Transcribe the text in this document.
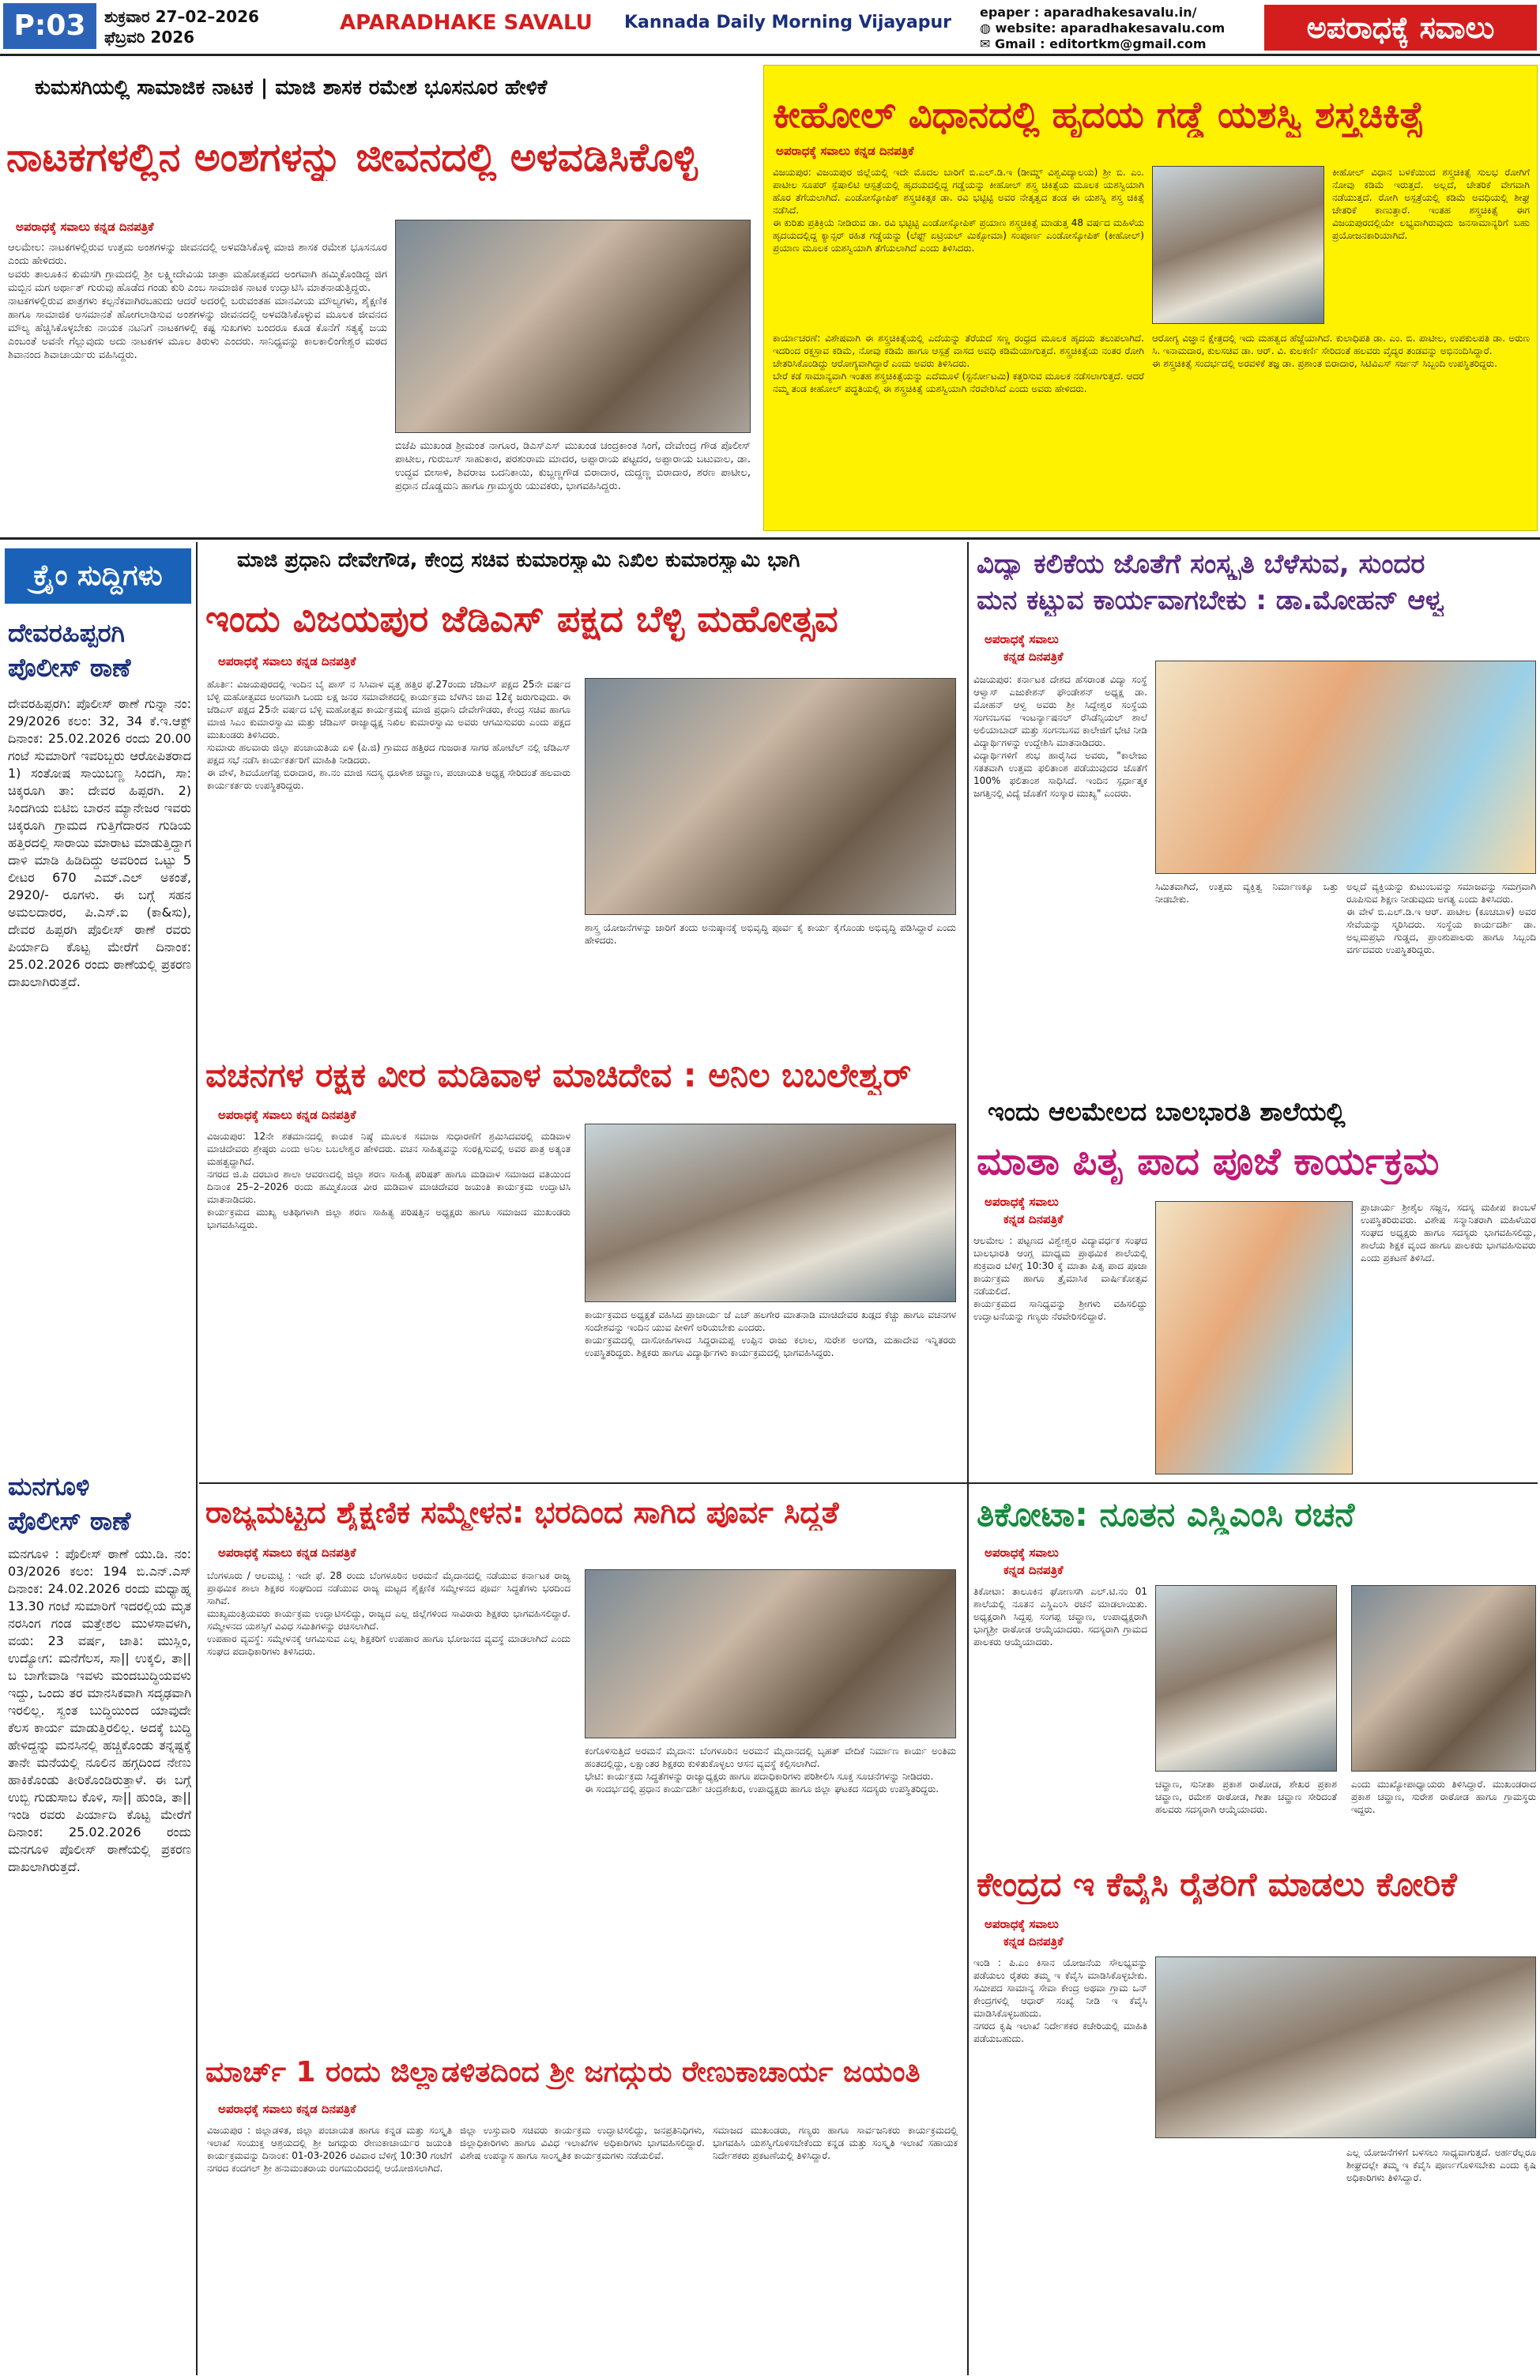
P:03	ಶುಕ್ರವಾರ 27–02–2026
ಫೆಬ್ರವರಿ 2026
APARADHAKE SAVALU Kannada Daily Morning Vijayapur
epaper : aparadhakesavalu.in/
◍ website: aparadhakesavalu.com
✉ Gmail : editortkm@gmail.com	ಅಪರಾಧಕ್ಕೆ ಸವಾಲು
ಕುಮಸಗಿಯಲ್ಲಿ ಸಾಮಾಜಿಕ ನಾಟಕ | ಮಾಜಿ ಶಾಸಕ ರಮೇಶ ಭೂಸನೂರ ಹೇಳಿಕೆ
ನಾಟಕಗಳಲ್ಲಿನ ಅಂಶಗಳನ್ನು ಜೀವನದಲ್ಲಿ ಅಳವಡಿಸಿಕೊಳ್ಳಿ
ಅಪರಾಧಕ್ಕೆ ಸವಾಲು ಕನ್ನಡ ದಿನಪತ್ರಿಕೆ
ಆಲಮೇಲ: ನಾಟಕಗಳಲ್ಲಿರುವ ಉತ್ತಮ ಅಂಶಗಳನ್ನು ಜೀವನದಲ್ಲಿ ಅಳವಡಿಸಿಕೊಳ್ಳಿ ಮಾಜಿ ಶಾಸಕ ರಮೇಶ ಭೂಸನೂರ ಎಂದು ಹೇಳಿದರು.
ಅವರು ತಾಲೂಕಿನ ಕುಮಸಗಿ ಗ್ರಾಮದಲ್ಲಿ ಶ್ರೀ ಲಕ್ಷ್ಮೀದೇವಿಯ ಜಾತ್ರಾ ಮಹೋತ್ಸವದ ಅಂಗವಾಗಿ ಹಮ್ಮಿಕೊಂಡಿದ್ದ ಜಿಗ ಮಬ್ಬಿನ ಮಗ ಅರ್ಥಾತ್ ಗುರುವು ಹೊಡೆದ ಗಂಡು ಕುರಿ ಎಂಬ ಸಾಮಾಜಿಕ ನಾಟಕ ಉದ್ಘಾಟಿಸಿ ಮಾತನಾಡುತ್ತಿದ್ದರು.
ನಾಟಕಗಳಲ್ಲಿರುವ ಪಾತ್ರಗಳು ಕಲ್ಪನೆಕವಾಗಿರಬಹುದು ಆದರೆ ಅದರಲ್ಲಿ ಬರುವಂತಹ ಮಾನವೀಯ ಮೌಲ್ಯಗಳು, ಶೈಕ್ಷಣಿಕ ಹಾಗೂ ಸಾಮಾಜಿಕ ಅಸಮಾನತೆ ಹೋಗಲಾಡಿಸುವ ಅಂಶಗಳನ್ನು ಜೀವನದಲ್ಲಿ ಅಳವಡಿಸಿಕೊಳ್ಳುವ ಮೂಲಕ ಜೀವನದ ಮೌಲ್ಯ ಹೆಚ್ಚಿಸಿಕೊಳ್ಳಬೇಕು ನಾಯಕ ನಟನಿಗೆ ನಾಟಕಗಳಲ್ಲಿ ಕಷ್ಟ ಸುಖಗಳು ಬಂದರೂ ಕೂಡ ಕೊನೆಗೆ ಸತ್ಯಕ್ಕೆ ಜಯ ಎಂಬಂತೆ ಅವನೇ ಗೆಲ್ಲುವುದು ಅದು ನಾಟಕಗಳ ಮೂಲ ತಿರುಳು ಎಂದರು. ಸಾನಿಧ್ಯವನ್ನು ಕಾಲಕಾಲಿಂಗೇಶ್ವರ ಮಠದ ಶಿವಾನಂದ ಶಿವಾಚಾರ್ಯರು ವಹಿಸಿದ್ದರು.
ಬಿಜೆಪಿ ಮುಖಂಡ ಶ್ರೀಮಂತ ನಾಗೂರ, ಡಿಎಸ್ಎಸ್ ಮುಖಂಡ ಚಂದ್ರಕಾಂತ ಸಿಂಗೆ, ದೇವೇಂದ್ರ ಗೌಡ ಪೊಲೀಸ್ ಪಾಟೀಲ, ಗುರುಬಸ್ ಸಾಹುಕಾರ, ಪರಶುರಾಮ ಮಾದರ, ಅಪ್ಪಾರಾಯ ಪಟ್ಟದರ, ಅಪ್ಪಾರಾಯ ಬಟುವಾಲ, ಡಾ. ಉದ್ಧವ ಬೀಸಾಳಿ, ಶಿವರಾಜ ಬದನಿಕಾಯಿ, ಕುಬ್ಜಣ್ಣಗೌಡ ಬಿರಾದಾರ, ದುದ್ದಣ್ಣ ಬಿರಾದಾರ, ಶರಣ ಪಾಟೀಲ, ಪ್ರಧಾನ ದೊಡ್ಡಮನಿ ಹಾಗೂ ಗ್ರಾಮಸ್ಥರು ಯುವಕರು, ಭಾಗವಹಿಸಿದ್ದರು.
ಕೀಹೋಲ್ ವಿಧಾನದಲ್ಲಿ ಹೃದಯ ಗಡ್ಡೆ ಯಶಸ್ವಿ ಶಸ್ತ್ರಚಿಕಿತ್ಸೆ
ಅಪರಾಧಕ್ಕೆ ಸವಾಲು ಕನ್ನಡ ದಿನಪತ್ರಿಕೆ
ವಿಜಯಪುರ: ವಿಜಯಪುರ ಜಿಲ್ಲೆಯಲ್ಲಿ ಇದೇ ಮೊದಲ ಬಾರಿಗೆ ಬಿ.ಎಲ್.ಡಿ.ಇ (ಡೀಮ್ಡ್ ವಿಶ್ವವಿದ್ಯಾಲಯ) ಶ್ರೀ ಬಿ. ಎಂ. ಪಾಟೀಲ ಸೂಪರ್ ಸ್ಪೆಷಾಲಿಟಿ ಆಸ್ಪತ್ರೆಯಲ್ಲಿ ಹೃದಯದಲ್ಲಿದ್ದ ಗಡ್ಡೆಯನ್ನು ಕೀಹೋಲ್ ಶಸ್ತ್ರ ಚಿಕಿತ್ಸೆಯ ಮೂಲಕ ಯಶಸ್ವಿಯಾಗಿ ಹೊರ ತೆಗೆಯಲಾಗಿದೆ. ಎಂಡೋಸ್ಕೋಪಿಕ್ ಶಸ್ತ್ರಚಿಕಿತ್ಸಕ ಡಾ. ರವಿ ಭಟ್ಟಿಟ್ಟಿ ಅವರ ನೇತೃತ್ವದ ತಂಡ ಈ ಯಶಸ್ವಿ ಶಸ್ತ್ರ ಚಿಕಿತ್ಸೆ ನಡೆಸಿದೆ.
ಈ ಕುರಿತು ಪ್ರತಿಕ್ರಿಯೆ ನೀಡಿರುವ ಡಾ. ರವಿ ಭಟ್ಟಿಟ್ಟಿ ಎಂಡೋಸ್ಕೋಪಿಕ್ ಪ್ರಯಾಣ ಶಸ್ತ್ರಚಿಕಿತ್ಸೆ ಮಾಡುತ್ತ 48 ವರ್ಷದ ಮಹಿಳೆಯ ಹೃದಯದಲ್ಲಿದ್ದ ಕ್ಯಾನ್ಸರ್ ರಹಿತ ಗಡ್ಡೆಯನ್ನು (ಲೆಫ್ಟ್ ಏಟ್ರಿಯಲ್ ಮಿಕ್ಸೋಮಾ) ಸಂಪೂರ್ಣ ಎಂಡೋಸ್ಕೋಪಿಕ್ (ಕೀಹೋಲ್) ಪ್ರಯಾಣ ಮೂಲಕ ಯಶಸ್ವಿಯಾಗಿ ತೆಗೆಯಲಾಗಿದೆ ಎಂದು ತಿಳಿಸಿದರು.
ಕೀಹೋಲ್ ವಿಧಾನ ಬಳಕೆಯಿಂದ ಶಸ್ತ್ರಚಿಕಿತ್ಸೆ ಸುಲಭ ರೋಗಿಗೆ ನೋವು ಕಡಿಮೆ ಇರುತ್ತದೆ. ಅಲ್ಲದೆ, ಚೇತರಿಕೆ ವೇಗವಾಗಿ ನಡೆಯುತ್ತದೆ. ರೋಗಿ ಅಸ್ಪತ್ರೆಯಲ್ಲಿ ಕಡಿಮೆ ಅವಧಿಯಲ್ಲಿ ಶೀಘ್ರ ಚೇತರಿಕೆ ಕಾಣುತ್ತಾರೆ. ಇಂತಹ ಶಸ್ತ್ರಚಿಕಿತ್ಸೆ ಈಗ ವಿಜಯಪುರದಲ್ಲಿಯೇ ಲಭ್ಯವಾಗಿರುವುದು ಜನಸಾಮಾನ್ಯರಿಗೆ ಬಹು ಪ್ರಯೋಜನಕಾರಿಯಾಗಿದೆ.
ಕಾರ್ಯಾಚರಣೆ: ವಿಶೇಷವಾಗಿ ಈ ಶಸ್ತ್ರಚಿಕಿತ್ಸೆಯಲ್ಲಿ ಎದೆಯನ್ನು ತೆರೆಯದೆ ಸಣ್ಣ ರಂಧ್ರದ ಮೂಲಕ ಹೃದಯ ತಲುಪಲಾಗಿದೆ. ಇದರಿಂದ ರಕ್ತಸ್ರಾವ ಕಡಿಮೆ, ನೋವು ಕಡಿಮೆ ಹಾಗೂ ಆಸ್ಪತ್ರೆ ವಾಸದ ಅವಧಿ ಕಡಿಮೆಯಾಗುತ್ತದೆ. ಶಸ್ತ್ರಚಿಕಿತ್ಸೆಯ ನಂತರ ರೋಗಿ ಚೇತರಿಸಿಕೊಂಡಿದ್ದು ಆರೋಗ್ಯವಾಗಿದ್ದಾರೆ ಎಂದು ಅವರು ತಿಳಿಸಿದರು.
ಬೇರೆ ಕಡೆ ಸಾಮಾನ್ಯವಾಗಿ ಇಂತಹ ಶಸ್ತ್ರಚಿಕಿತ್ಸೆಯನ್ನು ಎದೆಮೂಳೆ (ಸ್ಟರ್ನೋಟಮಿ) ಕತ್ತರಿಸುವ ಮೂಲಕ ನಡೆಸಲಾಗುತ್ತದೆ. ಆದರೆ ನಮ್ಮ ತಂಡ ಕೀಹೋಲ್ ಪದ್ಧತಿಯಲ್ಲಿ ಈ ಶಸ್ತ್ರಚಿಕಿತ್ಸೆ ಯಶಸ್ವಿಯಾಗಿ ನೆರವೇರಿಸಿದೆ ಎಂದು ಅವರು ಹೇಳಿದರು.
ಆರೋಗ್ಯ ವಿಜ್ಞಾನ ಕ್ಷೇತ್ರದಲ್ಲಿ ಇದು ಮಹತ್ವದ ಹೆಜ್ಜೆಯಾಗಿದೆ. ಕುಲಾಧಿಪತಿ ಡಾ. ಎಂ. ಬಿ. ಪಾಟೀಲ, ಉಪಕುಲಪತಿ ಡಾ. ಅರುಣ ಸಿ. ಇನಾಮದಾರ, ಕುಲಸಚಿವ ಡಾ. ಆರ್. ವಿ. ಕುಲಕರ್ಣಿ ಸೇರಿದಂತೆ ಹಲವರು ವೈದ್ಯರ ತಂಡವನ್ನು ಅಭಿನಂದಿಸಿದ್ದಾರೆ.
ಈ ಶಸ್ತ್ರಚಿಕಿತ್ಸೆ ಸಂದರ್ಭದಲ್ಲಿ ಅರವಳಿಕೆ ತಜ್ಞ ಡಾ. ಪ್ರಶಾಂತ ಬಿರಾದಾರ, ಸಿಟಿವಿಎಸ್ ಸರ್ಜನ್ ಸಿಬ್ಬಂದಿ ಉಪಸ್ಥಿತರಿದ್ದರು.
ಕ್ರೈಂ ಸುದ್ದಿಗಳು
ದೇವರಹಿಪ್ಪರಗಿ
ಪೊಲೀಸ್ ಠಾಣೆ
ದೇವರಹಿಪ್ಪರಗಿ: ಪೊಲೀಸ್ ಠಾಣೆ ಗುನ್ನಾ ನಂ: 29/2026 ಕಲಂ: 32, 34 ಕೆ.ಇ.ಆಕ್ಟ್ ದಿನಾಂಕ: 25.02.2026 ರಂದು 20.00 ಗಂಟೆ ಸುಮಾರಿಗೆ ಇವರಿಬ್ಬರು ಆರೋಪಿತರಾದ 1) ಸಂತೋಷ ಸಾಯಿಬಣ್ಣ ಸಿಂದಗಿ, ಸಾ: ಚಿಕ್ಕರೂಗಿ ತಾ: ದೇವರ ಹಿಪ್ಪರಗಿ. 2) ಸಿಂದಗಿಯ ಬಿಟಿಬಿ ಬಾರನ ಮ್ಯಾನೇಜರ ಇವರು ಚಿಕ್ಕರೂಗಿ ಗ್ರಾಮದ ಗುತ್ತಿಗೆದಾರನ ಗುಡಿಯ ಹತ್ತಿರದಲ್ಲಿ ಸಾರಾಯಿ ಮಾರಾಟ ಮಾಡುತ್ತಿದ್ದಾಗ ದಾಳಿ ಮಾಡಿ ಹಿಡಿದಿದ್ದು ಅವರಿಂದ ಒಟ್ಟು 5 ಲೀಟರ 670 ಎಮ್.ಎಲ್ ಅಕಂತೆ, 2920/- ರೂಗಳು. ಈ ಬಗ್ಗೆ ಸಹನ ಅಮಲದಾರರ, ಪಿ.ಎಸ್.ಐ (ಕಾ&ಸು), ದೇವರ ಹಿಪ್ಪರಗಿ ಪೊಲೀಸ್ ಠಾಣೆ ರವರು ಪಿರ್ಯಾದಿ ಕೊಟ್ಟ ಮೇರೆಗೆ ದಿನಾಂಕ: 25.02.2026 ರಂದು ಠಾಣೆಯಲ್ಲಿ ಪ್ರಕರಣ ದಾಖಲಾಗಿರುತ್ತದೆ.
ಮನಗೂಳಿ
ಪೊಲೀಸ್ ಠಾಣೆ
ಮನಗೂಳಿ : ಪೊಲೀಸ್ ಠಾಣೆ ಯು.ಡಿ. ನಂ: 03/2026 ಕಲಂ: 194 ಬಿ.ಎನ್.ಎಸ್ ದಿನಾಂಕ: 24.02.2026 ರಂದು ಮಧ್ಯಾಹ್ನ 13.30 ಗಂಟೆ ಸುಮಾರಿಗೆ ಇದರಲ್ಲಿಯ ಮೃತ ನರಸಿಂಗ ಗಂಡ ಮತ್ತೇಶಲ ಮುಳಸಾವಳಗಿ, ವಯ: 23 ವರ್ಷ, ಜಾತಿ: ಮುಸ್ಲಿಂ, ಉದ್ಯೋಗ: ಮನೆಗೆಲಸ, ಸಾ|| ಉಕ್ಕಲಿ, ತಾ|| ಬ ಬಾಗೇವಾಡಿ ಇವಳು ಮಂದಬುದ್ಧಿಯವಳು ಇದ್ದು, ಒಂದು ತರ ಮಾನಸಿಕವಾಗಿ ಸದೃಢವಾಗಿ ಇರಲಿಲ್ಲ. ಸ್ವಂತ ಬುದ್ಧಿಯಿಂದ ಯಾವುದೇ ಕೆಲಸ ಕಾರ್ಯ ಮಾಡುತ್ತಿರಲಿಲ್ಲ. ಅದಕ್ಕೆ ಬುದ್ಧಿ ಹೇಳಿದ್ದನ್ನು ಮನಸಿನಲ್ಲಿ ಹಚ್ಚಿಕೊಂಡು ತನ್ನಷ್ಟಕ್ಕೆ ತಾನೇ ಮನೆಯಲ್ಲಿ ನೂಲಿನ ಹಗ್ಗದಿಂದ ನೇಣು ಹಾಕಿಕೊಂಡು ತೀರಿಕೊಂಡಿರುತ್ತಾಳೆ. ಈ ಬಗ್ಗೆ ಉಬ್ಬಿ ಗುಡುಸಾಬ ಕೊಳಿ, ಸಾ|| ಹುಂಡಿ, ತಾ|| ಇಂಡಿ ರವರು ಪಿರ್ಯಾದಿ ಕೊಟ್ಟ ಮೇರೆಗೆ ದಿನಾಂಕ: 25.02.2026 ರಂದು ಮನಗೂಳಿ ಪೊಲೀಸ್ ಠಾಣೆಯಲ್ಲಿ ಪ್ರಕರಣ ದಾಖಲಾಗಿರುತ್ತದೆ.
ಮಾಜಿ ಪ್ರಧಾನಿ ದೇವೇಗೌಡ, ಕೇಂದ್ರ ಸಚಿವ ಕುಮಾರಸ್ವಾಮಿ ನಿಖಿಲ ಕುಮಾರಸ್ವಾಮಿ ಭಾಗಿ
ಇಂದು ವಿಜಯಪುರ ಜೆಡಿಎಸ್ ಪಕ್ಷದ ಬೆಳ್ಳಿ ಮಹೋತ್ಸವ
ಅಪರಾಧಕ್ಕೆ ಸವಾಲು ಕನ್ನಡ ದಿನಪತ್ರಿಕೆ
ಹೊರ್ತಿ: ವಿಜಯಪುರದಲ್ಲಿ ಇಂದಿನ ಬೈ ಪಾಸ್ ನ ಸಿಸಿವಾಳ ವೃತ್ತ ಹತ್ತಿರ ಫೆ.27ರಂದು ಜೆಡಿಎಸ್ ಪಕ್ಷದ 25ನೇ ವರ್ಷದ ಬೆಳ್ಳಿ ಮಹೋತ್ಸವದ ಅಂಗವಾಗಿ ಒಂದು ಲಕ್ಷ ಜನರ ಸಮಾವೇಶದಲ್ಲಿ ಕಾರ್ಯಕ್ರಮ ಬೆಳಗಿನ ಜಾವ 12ಕ್ಕೆ ಜರುಗುವುದು. ಈ ಜೆಡಿಎಸ್ ಪಕ್ಷದ 25ನೇ ವರ್ಷದ ಬೆಳ್ಳಿ ಮಹೋತ್ಸವ ಕಾರ್ಯಕ್ರಮಕ್ಕೆ ಮಾಜಿ ಪ್ರಧಾನಿ ದೇವೇಗೌಡರು, ಕೇಂದ್ರ ಸಚಿವ ಹಾಗೂ ಮಾಜಿ ಸಿಎಂ ಕುಮಾರಸ್ವಾಮಿ ಮತ್ತು ಜೆಡಿಎಸ್ ರಾಜ್ಯಾಧ್ಯಕ್ಷ ನಿಖಿಲ ಕುಮಾರಸ್ವಾಮಿ ಅವರು ಆಗಮಿಸುವರು ಎಂದು ಪಕ್ಷದ ಮುಖಂಡರು ತಿಳಿಸಿದರು.
ಸುಮಾರು ಹಲವಾರು ಜಿಲ್ಲಾ ಪಂಚಾಯತಿಯ ಏಳಿ (ಪಿ.ಜಿ) ಗ್ರಾಮದ ಹತ್ತಿರದ ಗುಜರಾತ ಸಾಗರ ಹೋಟೆಲ್ ನಲ್ಲಿ ಜೆಡಿಎಸ್ ಪಕ್ಷದ ಸಭೆ ನಡೆಸಿ ಕಾರ್ಯಕರ್ತರಿಗೆ ಮಾಹಿತಿ ನೀಡಿದರು.
ಈ ವೇಳೆ, ಶಿವಯೋಗೆಪ್ಪ ಬಿರಾದಾರ, ಶಾ.ನಂ ಮಾಜಿ ಸದಸ್ಯ ಧೂಳೇಶ ಚವ್ಹಾಣ, ಪಂಚಾಯತಿ ಅಧ್ಯಕ್ಷ ಸೇರಿದಂತೆ ಹಲವಾರು ಕಾರ್ಯಕರ್ತರು ಉಪಸ್ಥಿತರಿದ್ದರು.
ಶಾಸ್ತ್ರ ಯೋಜನೆಗಳನ್ನು ಜಾರಿಗೆ ತಂದು ಅನುಷ್ಠಾನಕ್ಕೆ ಅಭಿವೃದ್ಧಿ ಪೂರ್ವ ಕೈ ಕಾರ್ಯ ಕೈಗೊಂಡು ಅಭಿವೃದ್ಧಿ ಪಡಿಸಿದ್ದಾರೆ ಎಂದು ಹೇಳಿದರು.
ವಿದ್ಯಾ ಕಲಿಕೆಯ ಜೊತೆಗೆ ಸಂಸ್ಕೃತಿ ಬೆಳೆಸುವ, ಸುಂದರ
ಮನ ಕಟ್ಟುವ ಕಾರ್ಯವಾಗಬೇಕು : ಡಾ.ಮೋಹನ್ ಆಳ್ವ
ಅಪರಾಧಕ್ಕೆ ಸವಾಲು
ಕನ್ನಡ ದಿನಪತ್ರಿಕೆ
ವಿಜಯಪುರ: ಕರ್ನಾಟಕ ದೇಶದ ಹೆಸರಾಂತ ವಿದ್ಯಾ ಸಂಸ್ಥೆ ಆಳ್ವಾಸ್ ಎಜುಕೇಶನ್ ಫೌಂಡೇಶನ್ ಅಧ್ಯಕ್ಷ ಡಾ. ಮೋಹನ್ ಆಳ್ವ ಅವರು ಶ್ರೀ ಸಿದ್ದೇಶ್ವರ ಸಂಸ್ಥೆಯ ಸಂಗನಬಸವ ಇಂಟರ್ನ್ಯಾಷನಲ್ ರೆಸಿಡೆನ್ಸಿಯಲ್ ಶಾಲೆ ಅಲಿಯಾಬಾದ್ ಮತ್ತು ಸಂಗನಬಸವ ಕಾಲೇಜಿಗೆ ಭೇಟಿ ನೀಡಿ ವಿದ್ಯಾರ್ಥಿಗಳನ್ನು ಉದ್ದೇಶಿಸಿ ಮಾತನಾಡಿದರು.
ವಿದ್ಯಾರ್ಥಿಗಳಿಗೆ ಶುಭ ಹಾರೈಸಿದ ಅವರು, "ಕಾಲೇಜು ಸತತವಾಗಿ ಉತ್ತಮ ಫಲಿತಾಂಶ ಪಡೆಯುವುದರ ಜೊತೆಗೆ 100% ಫಲಿತಾಂಶ ಸಾಧಿಸಿದೆ. ಇಂದಿನ ಸ್ಪರ್ಧಾತ್ಮಕ ಜಗತ್ತಿನಲ್ಲಿ ವಿದ್ಯೆ ಜೊತೆಗೆ ಸಂಸ್ಕಾರ ಮುಖ್ಯ" ಎಂದರು.
ಸಿಮಿತವಾಗಿದೆ, ಉತ್ತಮ ವ್ಯಕ್ತಿತ್ವ ನಿರ್ಮಾಣಕ್ಕೂ ಒತ್ತು ನೀಡಬೇಕು.
ಅಲ್ಲದೆ ವ್ಯಕ್ತಿಯನ್ನು ಕುಟುಂಬವನ್ನು ಸಮಾಜವನ್ನು ಸಮಗ್ರವಾಗಿ ರೂಪಿಸುವ ಶಿಕ್ಷಣ ನೀಡುವುದು ಅಗತ್ಯ ಎಂದು ತಿಳಿಸಿದರು.
ಈ ವೇಳೆ ಬಿ.ಎಲ್.ಡಿ.ಇ ಆರ್. ಪಾಟೀಲ (ಕೂಚಬಾಳ) ಅವರ ಸೇವೆಯನ್ನು ಸ್ಮರಿಸಿದರು. ಸಂಸ್ಥೆಯ ಕಾರ್ಯದರ್ಶಿ ಡಾ. ಅಲ್ಲಮಪ್ರಭು ಗುಡ್ಡದ, ಪ್ರಾಂಶುಪಾಲರು ಹಾಗೂ ಸಿಬ್ಬಂದಿ ವರ್ಗದವರು ಉಪಸ್ಥಿತರಿದ್ದರು.
ವಚನಗಳ ರಕ್ಷಕ ವೀರ ಮಡಿವಾಳ ಮಾಚಿದೇವ : ಅನಿಲ ಬಬಲೇಶ್ವರ್
ಅಪರಾಧಕ್ಕೆ ಸವಾಲು ಕನ್ನಡ ದಿನಪತ್ರಿಕೆ
ವಿಜಯಪುರ: 12ನೇ ಶತಮಾನದಲ್ಲಿ ಕಾಯಕ ನಿಷ್ಠೆ ಮೂಲಕ ಸಮಾಜ ಸುಧಾರಣೆಗೆ ಶ್ರಮಿಸಿದವರಲ್ಲಿ ಮಡಿವಾಳ ಮಾಚಿದೇವರು ಶ್ರೇಷ್ಠರು ಎಂದು ಅನಿಲ ಬಬಲೇಶ್ವರ ಹೇಳಿದರು. ವಚನ ಸಾಹಿತ್ಯವನ್ನು ಸಂರಕ್ಷಿಸುವಲ್ಲಿ ಅವರ ಪಾತ್ರ ಅತ್ಯಂತ ಮಹತ್ವದ್ದಾಗಿದೆ.
ನಗರದ ಜಿ.ಪಿ ದರಬಾರ ಶಾಲಾ ಆವರಣದಲ್ಲಿ ಜಿಲ್ಲಾ ಶರಣ ಸಾಹಿತ್ಯ ಪರಿಷತ್ ಹಾಗೂ ಮಡಿವಾಳ ಸಮಾಜದ ವತಿಯಿಂದ ದಿನಾಂಕ 25–2–2026 ರಂದು ಹಮ್ಮಿಕೊಂಡ ವೀರ ಮಡಿವಾಳ ಮಾಚಿದೇವರ ಜಯಂತಿ ಕಾರ್ಯಕ್ರಮ ಉದ್ಘಾಟಿಸಿ ಮಾತನಾಡಿದರು.
ಕಾರ್ಯಕ್ರಮದ ಮುಖ್ಯ ಅತಿಥಿಗಳಾಗಿ ಜಿಲ್ಲಾ ಶರಣ ಸಾಹಿತ್ಯ ಪರಿಷತ್ತಿನ ಅಧ್ಯಕ್ಷರು ಹಾಗೂ ಸಮಾಜದ ಮುಖಂಡರು ಭಾಗವಹಿಸಿದ್ದರು.
ಕಾರ್ಯಕ್ರಮದ ಅಧ್ಯಕ್ಷತೆ ವಹಿಸಿದ ಪ್ರಾಚಾರ್ಯ ಜೆ ಎಚ್ ಹಲಗೇರ ಮಾತನಾಡಿ ಮಾಚಿದೇವರ ಖಡ್ಗದ ಕೆಚ್ಚು ಹಾಗೂ ವಚನಗಳ ಸಂದೇಶವನ್ನು ಇಂದಿನ ಯುವ ಪೀಳಿಗೆ ಅರಿಯಬೇಕು ಎಂದರು.
ಕಾರ್ಯಕ್ರಮದಲ್ಲಿ ದಾಸೋಹಿಗಳಾದ ಸಿದ್ದರಾಮಪ್ಪ ಉಪ್ಪಿನ ರಾಜು ಕಲಾಲ, ಸುರೇಶ ಅಂಗಡಿ, ಮಹಾದೇವ ಇನ್ನಿತರರು ಉಪಸ್ಥಿತರಿದ್ದರು. ಶಿಕ್ಷಕರು ಹಾಗೂ ವಿದ್ಯಾರ್ಥಿಗಳು ಕಾರ್ಯಕ್ರಮದಲ್ಲಿ ಭಾಗವಹಿಸಿದ್ದರು.
ಇಂದು ಆಲಮೇಲದ ಬಾಲಭಾರತಿ ಶಾಲೆಯಲ್ಲಿ
ಮಾತಾ ಪಿತೃ ಪಾದ ಪೂಜೆ ಕಾರ್ಯಕ್ರಮ
ಅಪರಾಧಕ್ಕೆ ಸವಾಲು
ಕನ್ನಡ ದಿನಪತ್ರಿಕೆ
ಆಲಮೇಲ : ಪಟ್ಟಣದ ವಿಶ್ವೇಶ್ವರ ವಿದ್ಯಾವರ್ಧಕ ಸಂಘದ ಬಾಲಭಾರತಿ ಆಂಗ್ಲ ಮಾಧ್ಯಮ ಪ್ರಾಥಮಿಕ ಶಾಲೆಯಲ್ಲಿ ಶುಕ್ರವಾರ ಬೆಳಿಗ್ಗೆ 10:30 ಕ್ಕೆ ಮಾತಾ ಪಿತೃ ಪಾದ ಪೂಜಾ ಕಾರ್ಯಕ್ರಮ ಹಾಗೂ ತ್ರೈಮಾಸಿಕ ವಾರ್ಷಿಕೋತ್ಸವ ನಡೆಯಲಿದೆ.
ಕಾರ್ಯಕ್ರಮದ ಸಾನಿಧ್ಯವನ್ನು ಶ್ರೀಗಳು ವಹಿಸಲಿದ್ದು ಉದ್ಘಾಟನೆಯನ್ನು ಗಣ್ಯರು ನೆರವೇರಿಸಲಿದ್ದಾರೆ.
ಪ್ರಾಚಾರ್ಯ ಶ್ರೀಶೈಲ ಸಜ್ಜನ, ಸದಸ್ಯ ಮಹೀಪ ಕಾಂಬಳೆ ಉಪಸ್ಥಿತರಿರುವರು. ವಿಶೇಷ ಸನ್ಮಾನಿತರಾಗಿ ಮಹಿಳೆಯರ ಸಂಘದ ಅಧ್ಯಕ್ಷರು ಹಾಗೂ ಸದಸ್ಯರು ಭಾಗವಹಿಸಲಿದ್ದು, ಶಾಲೆಯ ಶಿಕ್ಷಕ ವೃಂದ ಹಾಗೂ ಪಾಲಕರು ಭಾಗವಹಿಸುವರು ಎಂದು ಪ್ರಕಟಣೆ ತಿಳಿಸಿದೆ.
ರಾಜ್ಯಮಟ್ಟದ ಶೈಕ್ಷಣಿಕ ಸಮ್ಮೇಳನ: ಭರದಿಂದ ಸಾಗಿದ ಪೂರ್ವ ಸಿದ್ಧತೆ
ಅಪರಾಧಕ್ಕೆ ಸವಾಲು ಕನ್ನಡ ದಿನಪತ್ರಿಕೆ
ಬೆಂಗಳೂರು / ಆಲಮಟ್ಟಿ : ಇದೇ ಫೆ. 28 ರಂದು ಬೆಂಗಳೂರಿನ ಅರಮನೆ ಮೈದಾನದಲ್ಲಿ ನಡೆಯುವ ಕರ್ನಾಟಕ ರಾಜ್ಯ ಪ್ರಾಥಮಿಕ ಶಾಲಾ ಶಿಕ್ಷಕರ ಸಂಘದಿಂದ ನಡೆಯುವ ರಾಜ್ಯ ಮಟ್ಟದ ಶೈಕ್ಷಣಿಕ ಸಮ್ಮೇಳನದ ಪೂರ್ವ ಸಿದ್ಧತೆಗಳು ಭರದಿಂದ ಸಾಗಿವೆ.
ಮುಖ್ಯಮಂತ್ರಿಯವರು ಕಾರ್ಯಕ್ರಮ ಉದ್ಘಾಟಿಸಲಿದ್ದು, ರಾಜ್ಯದ ಎಲ್ಲ ಜಿಲ್ಲೆಗಳಿಂದ ಸಾವಿರಾರು ಶಿಕ್ಷಕರು ಭಾಗವಹಿಸಲಿದ್ದಾರೆ. ಸಮ್ಮೇಳನದ ಯಶಸ್ಸಿಗೆ ವಿವಿಧ ಸಮಿತಿಗಳನ್ನು ರಚಿಸಲಾಗಿದೆ.
ಉಪಹಾರ ವ್ಯವಸ್ಥೆ: ಸಮ್ಮೇಳನಕ್ಕೆ ಆಗಮಿಸುವ ಎಲ್ಲ ಶಿಕ್ಷಕರಿಗೆ ಉಪಹಾರ ಹಾಗೂ ಭೋಜನದ ವ್ಯವಸ್ಥೆ ಮಾಡಲಾಗಿದೆ ಎಂದು ಸಂಘದ ಪದಾಧಿಕಾರಿಗಳು ತಿಳಿಸಿದರು.
ಕಂಗೊಳಿಸುತ್ತಿದೆ ಅರಮನೆ ಮೈದಾನ: ಬೆಂಗಳೂರಿನ ಅರಮನೆ ಮೈದಾನದಲ್ಲಿ ಬೃಹತ್ ವೇದಿಕೆ ನಿರ್ಮಾಣ ಕಾರ್ಯ ಅಂತಿಮ ಹಂತದಲ್ಲಿದ್ದು, ಲಕ್ಷಾಂತರ ಶಿಕ್ಷಕರು ಕುಳಿತುಕೊಳ್ಳಲು ಆಸನ ವ್ಯವಸ್ಥೆ ಕಲ್ಪಿಸಲಾಗಿದೆ.
ಭೇಟಿ: ಕಾರ್ಯಕ್ರಮ ಸಿದ್ಧತೆಗಳನ್ನು ರಾಜ್ಯಾಧ್ಯಕ್ಷರು ಹಾಗೂ ಪದಾಧಿಕಾರಿಗಳು ಪರಿಶೀಲಿಸಿ ಸೂಕ್ತ ಸೂಚನೆಗಳನ್ನು ನೀಡಿದರು.
ಈ ಸಂದರ್ಭದಲ್ಲಿ ಪ್ರಧಾನ ಕಾರ್ಯದರ್ಶಿ ಚಂದ್ರಶೇಖರ, ಉಪಾಧ್ಯಕ್ಷರು ಹಾಗೂ ಜಿಲ್ಲಾ ಘಟಕದ ಸದಸ್ಯರು ಉಪಸ್ಥಿತರಿದ್ದರು.
ತಿಕೋಟಾ: ನೂತನ ಎಸ್ಡಿಎಂಸಿ ರಚನೆ
ಅಪರಾಧಕ್ಕೆ ಸವಾಲು
ಕನ್ನಡ ದಿನಪತ್ರಿಕೆ
ತಿಕೋಟಾ: ತಾಲೂಕಿನ ಘೋಣಸಗಿ ಎಲ್.ಟಿ.ನಂ 01 ಶಾಲೆಯಲ್ಲಿ ನೂತನ ಎಸ್ಡಿಎಂಸಿ ರಚನೆ ಮಾಡಲಾಯಿತು. ಅಧ್ಯಕ್ಷರಾಗಿ ಸಿದ್ದಪ್ಪ ಸಂಗಪ್ಪ ಚವ್ಹಾಣ, ಉಪಾಧ್ಯಕ್ಷರಾಗಿ ಭಾಗ್ಯಶ್ರೀ ರಾಠೋಡ ಆಯ್ಕೆಯಾದರು. ಸದಸ್ಯರಾಗಿ ಗ್ರಾಮದ ಪಾಲಕರು ಆಯ್ಕೆಯಾದರು.
ಚವ್ಹಾಣ, ಸುನೀತಾ ಪ್ರಕಾಶ ರಾಠೋಡ, ಶೇಖರ ಪ್ರಕಾಶ ಚವ್ಹಾಣ, ರಮೇಶ ರಾಠೋಡ, ಗೀತಾ ಚವ್ಹಾಣ ಸೇರಿದಂತೆ ಹಲವರು ಸದಸ್ಯರಾಗಿ ಆಯ್ಕೆಯಾದರು.
ಎಂದು ಮುಖ್ಯೋಪಾಧ್ಯಾಯರು ತಿಳಿಸಿದ್ದಾರೆ. ಮುಖಂಡರಾದ ಪ್ರಕಾಶ ಚವ್ಹಾಣ, ಸುರೇಶ ರಾಠೋಡ ಹಾಗೂ ಗ್ರಾಮಸ್ಥರು ಇದ್ದರು.
ಕೇಂದ್ರದ ಇ ಕೆವೈಸಿ ರೈತರಿಗೆ ಮಾಡಲು ಕೋರಿಕೆ
ಅಪರಾಧಕ್ಕೆ ಸವಾಲು
ಕನ್ನಡ ದಿನಪತ್ರಿಕೆ
ಇಂಡಿ : ಪಿ.ಎಂ ಕಿಸಾನ ಯೋಜನೆಯ ಸೌಲಭ್ಯವನ್ನು ಪಡೆಯಲು ರೈತರು ತಮ್ಮ ಇ ಕೆವೈಸಿ ಮಾಡಿಸಿಕೊಳ್ಳಬೇಕು. ಸಮೀಪದ ಸಾಮಾನ್ಯ ಸೇವಾ ಕೇಂದ್ರ ಅಥವಾ ಗ್ರಾಮ ಒನ್ ಕೇಂದ್ರಗಳಲ್ಲಿ ಆಧಾರ್ ಸಂಖ್ಯೆ ನೀಡಿ ಇ ಕೆವೈಸಿ ಮಾಡಿಸಿಕೊಳ್ಳಬಹುದು.
ನಗರದ ಕೃಷಿ ಇಲಾಖೆ ನಿರ್ದೇಶಕರ ಕಚೇರಿಯಲ್ಲಿ ಮಾಹಿತಿ ಪಡೆಯಬಹುದು.
ಎಲ್ಲ ಯೋಜನೆಗಳಿಗೆ ಬಳಸಲು ಸಾಧ್ಯವಾಗುತ್ತದೆ. ಅರ್ಹರೆಲ್ಲರೂ ಶೀಘ್ರದಲ್ಲೇ ತಮ್ಮ ಇ ಕೆವೈಸಿ ಪೂರ್ಣಗೊಳಿಸಬೇಕು ಎಂದು ಕೃಷಿ ಅಧಿಕಾರಿಗಳು ತಿಳಿಸಿದ್ದಾರೆ.
ಮಾರ್ಚ್ 1 ರಂದು ಜಿಲ್ಲಾಡಳಿತದಿಂದ ಶ್ರೀ ಜಗದ್ಗುರು ರೇಣುಕಾಚಾರ್ಯ ಜಯಂತಿ
ಅಪರಾಧಕ್ಕೆ ಸವಾಲು ಕನ್ನಡ ದಿನಪತ್ರಿಕೆ
ವಿಜಯಪುರ : ಜಿಲ್ಲಾಡಳಿತ, ಜಿಲ್ಲಾ ಪಂಚಾಯತ ಹಾಗೂ ಕನ್ನಡ ಮತ್ತು ಸಂಸ್ಕೃತಿ ಇಲಾಖೆ ಸಂಯುಕ್ತ ಆಶ್ರಯದಲ್ಲಿ ಶ್ರೀ ಜಗದ್ಗುರು ರೇಣುಕಾಚಾರ್ಯರ ಜಯಂತಿ ಕಾರ್ಯಕ್ರಮವನ್ನು ದಿನಾಂಕ: 01-03-2026 ರವಿವಾರ ಬೆಳಿಗ್ಗೆ 10:30 ಗಂಟೆಗೆ ನಗರದ ಕಂದಗಲ್ ಶ್ರೀ ಹನುಮಂತರಾಯ ರಂಗಮಂದಿರದಲ್ಲಿ ಆಯೋಜಿಸಲಾಗಿದೆ.
ಜಿಲ್ಲಾ ಉಸ್ತುವಾರಿ ಸಚಿವರು ಕಾರ್ಯಕ್ರಮ ಉದ್ಘಾಟಿಸಲಿದ್ದು, ಜನಪ್ರತಿನಿಧಿಗಳು, ಜಿಲ್ಲಾಧಿಕಾರಿಗಳು ಹಾಗೂ ವಿವಿಧ ಇಲಾಖೆಗಳ ಅಧಿಕಾರಿಗಳು ಭಾಗವಹಿಸಲಿದ್ದಾರೆ. ವಿಶೇಷ ಉಪನ್ಯಾಸ ಹಾಗೂ ಸಾಂಸ್ಕೃತಿಕ ಕಾರ್ಯಕ್ರಮಗಳು ನಡೆಯಲಿವೆ.
ಸಮಾಜದ ಮುಖಂಡರು, ಗಣ್ಯರು ಹಾಗೂ ಸಾರ್ವಜನಿಕರು ಕಾರ್ಯಕ್ರಮದಲ್ಲಿ ಭಾಗವಹಿಸಿ ಯಶಸ್ವಿಗೊಳಿಸಬೇಕೆಂದು ಕನ್ನಡ ಮತ್ತು ಸಂಸ್ಕೃತಿ ಇಲಾಖೆ ಸಹಾಯಕ ನಿರ್ದೇಶಕರು ಪ್ರಕಟಣೆಯಲ್ಲಿ ತಿಳಿಸಿದ್ದಾರೆ.
